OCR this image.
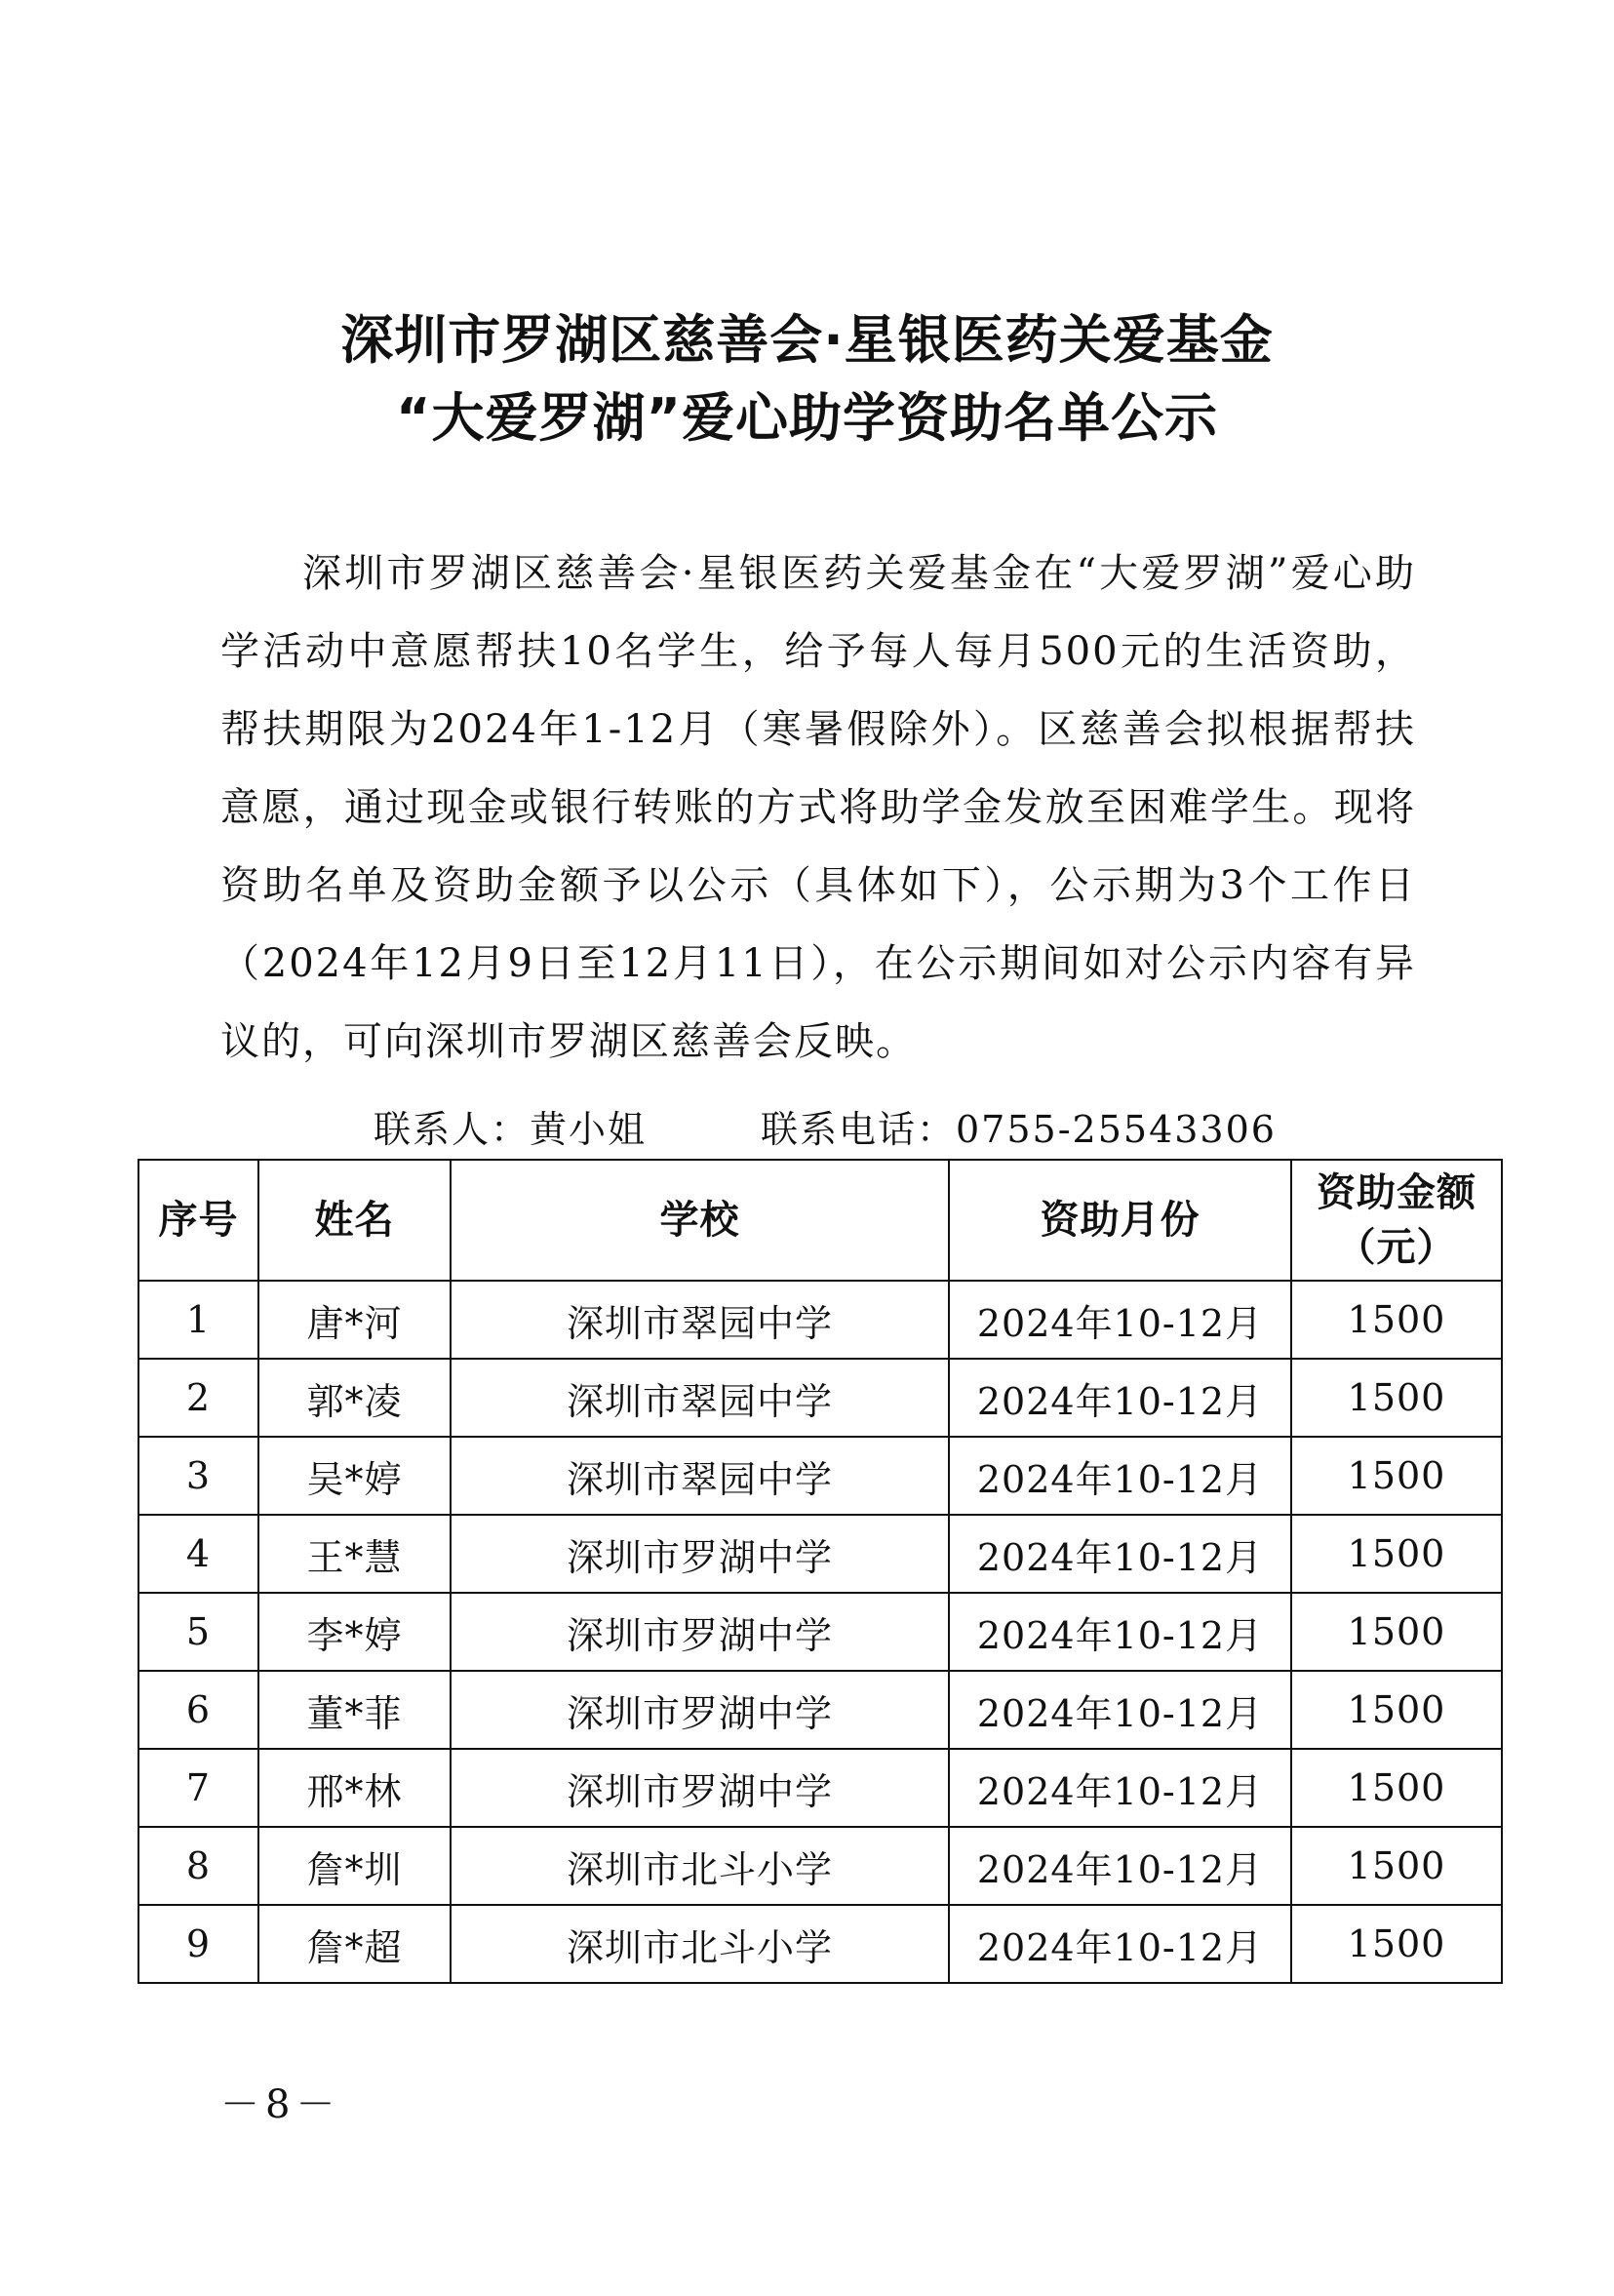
深圳市罗湖区慈善会·星银医药关爱基金
“大爱罗湖”爱心助学资助名单公示

深圳市罗湖区慈善会·星银医药关爱基金在“大爱罗湖”爱心助学活动中意愿帮扶10名学生，给予每人每月500元的生活资助，帮扶期限为2024年1-12月（寒暑假除外）。区慈善会拟根据帮扶意愿，通过现金或银行转账的方式将助学金发放至困难学生。现将资助名单及资助金额予以公示（具体如下），公示期为3个工作日（2024年12月9日至12月11日），在公示期间如对公示内容有异议的，可向深圳市罗湖区慈善会反映。

联系人：黄小姐	联系电话：0755-25543306
序号	姓名	学校	资助月份	资助金额
（元）

1	唐*河	深圳市翠园中学	2024年10-12月	1500
2	郭*凌	深圳市翠园中学	2024年10-12月	1500
3	吴*婷	深圳市翠园中学	2024年10-12月	1500
4	王*慧	深圳市罗湖中学	2024年10-12月	1500
5	李*婷	深圳市罗湖中学	2024年10-12月	1500
6	董*菲	深圳市罗湖中学	2024年10-12月	1500
7	邢*林	深圳市罗湖中学	2024年10-12月	1500
8	詹*圳	深圳市北斗小学	2024年10-12月	1500
9	詹*超	深圳市北斗小学	2024年10-12月	1500
－8－
